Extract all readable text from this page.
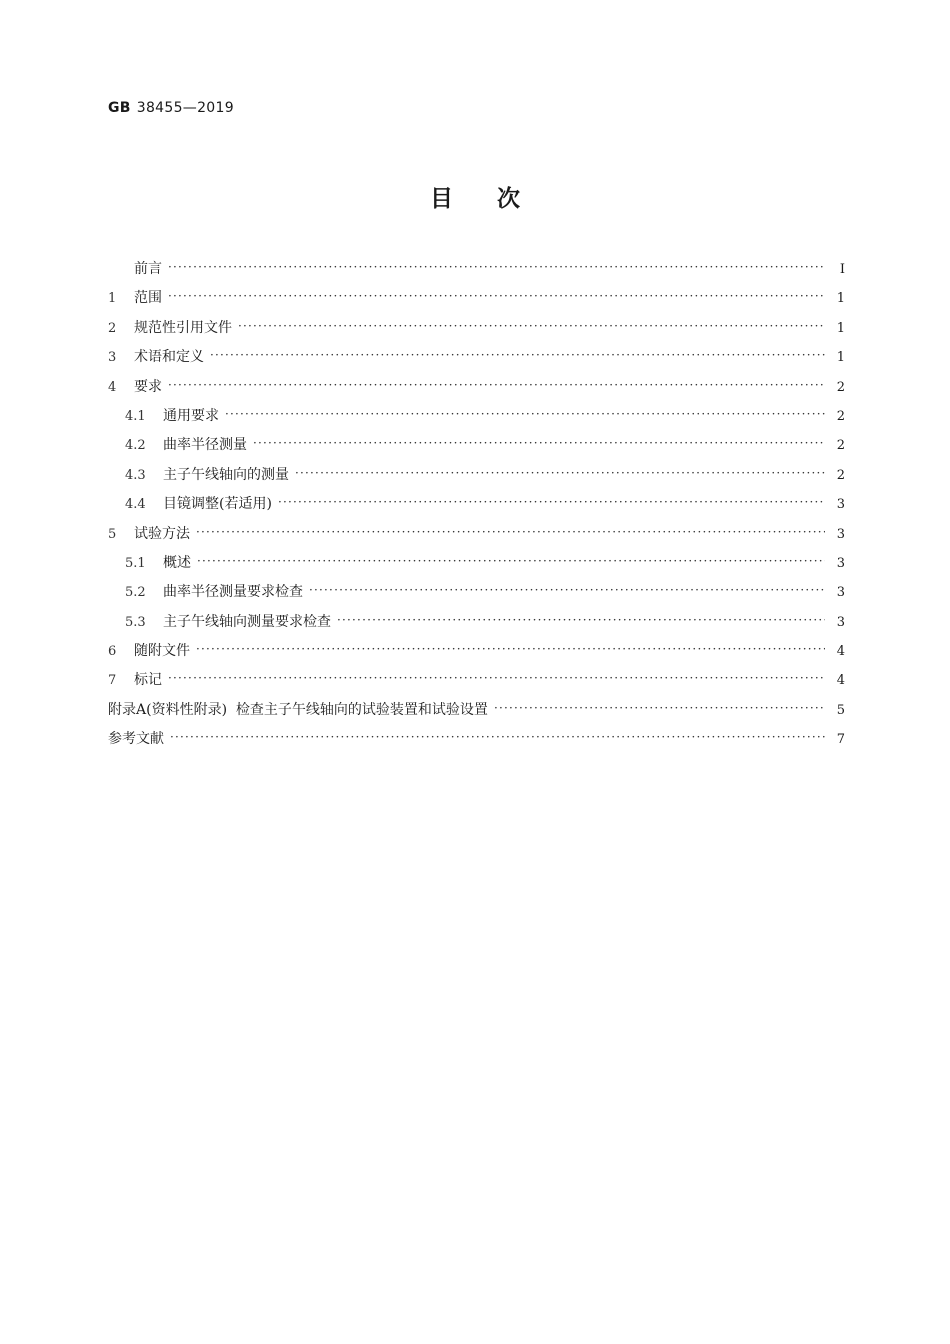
GB 38455—2019
目次
前言 ·····	Ⅰ
1	范围 ·····	1
2	规范性引用文件 ·····	1
3	术语和定义 ·····	1
4	要求 ·····	2
4.1	通用要求 ·····	2
4.2	曲率半径测量 ·····	2
4.3	主子午线轴向的测量 ·····	2
4.4	目镜调整(若适用) ·····	3
5	试验方法 ·····	3
5.1	概述 ·····	3
5.2	曲率半径测量要求检查 ·····	3
5.3	主子午线轴向测量要求检查 ·····	3
6	随附文件 ·····	4
7	标记 ·····	4
附录A(资料性附录)  检查主子午线轴向的试验装置和试验设置 ·····	5
参考文献 ·····	7
